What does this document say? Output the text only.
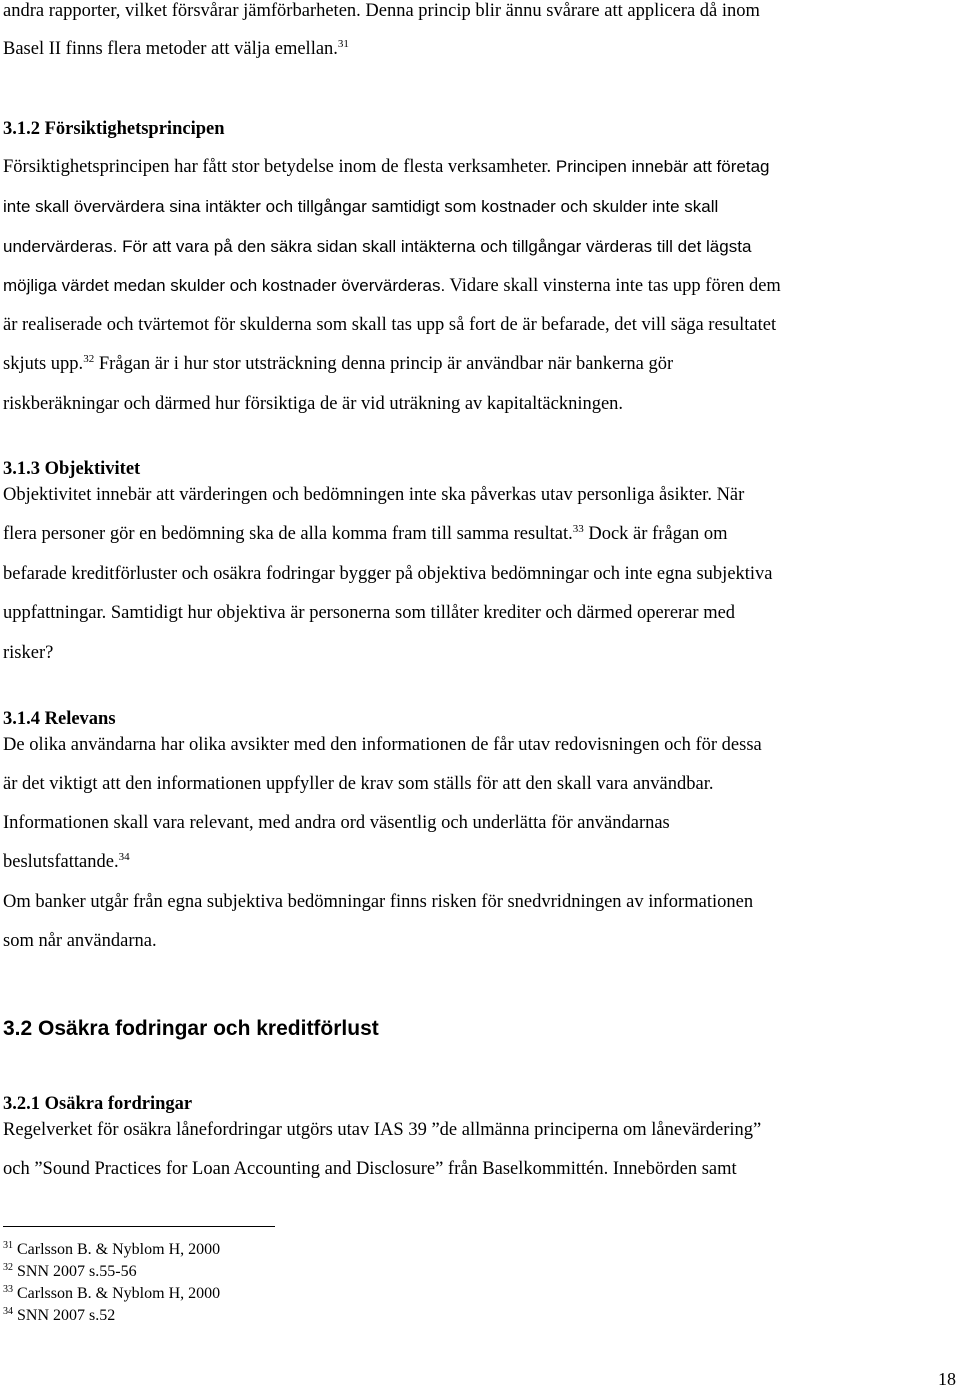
andra rapporter, vilket försvårar jämförbarheten. Denna princip blir ännu svårare att applicera då inom
Basel II finns flera metoder att välja emellan.$^{31}$
3.1.2 Försiktighetsprincipen
Försiktighetsprincipen har fått stor betydelse inom de flesta verksamheter. Principen innebär att företag
inte skall övervärdera sina intäkter och tillgångar samtidigt som kostnader och skulder inte skall
undervärderas. För att vara på den säkra sidan skall intäkterna och tillgångar värderas till det lägsta
möjliga värdet medan skulder och kostnader övervärderas. Vidare skall vinsterna inte tas upp fören dem
är realiserade och tvärtemot för skulderna som skall tas upp så fort de är befarade, det vill säga resultatet
skjuts upp.$^{32}$ Frågan är i hur stor utsträckning denna princip är användbar när bankerna gör
riskberäkningar och därmed hur försiktiga de är vid uträkning av kapitaltäckningen.
3.1.3 Objektivitet
Objektivitet innebär att värderingen och bedömningen inte ska påverkas utav personliga åsikter. När
flera personer gör en bedömning ska de alla komma fram till samma resultat.$^{33}$ Dock är frågan om
befarade kreditförluster och osäkra fodringar bygger på objektiva bedömningar och inte egna subjektiva
uppfattningar. Samtidigt hur objektiva är personerna som tillåter krediter och därmed opererar med
risker?
3.1.4 Relevans
De olika användarna har olika avsikter med den informationen de får utav redovisningen och för dessa
är det viktigt att den informationen uppfyller de krav som ställs för att den skall vara användbar.
Informationen skall vara relevant, med andra ord väsentlig och underlätta för användarnas
beslutsfattande.$^{34}$
Om banker utgår från egna subjektiva bedömningar finns risken för snedvridningen av informationen
som når användarna.
3.2 Osäkra fodringar och kreditförlust
3.2.1 Osäkra fordringar
Regelverket för osäkra lånefordringar utgörs utav IAS 39 ”de allmänna principerna om lånevärdering”
och ”Sound Practices for Loan Accounting and Disclosure” från Baselkommittén. Innebörden samt
$^{31}$ Carlsson B. & Nyblom H, 2000
$^{32}$ SNN 2007 s.55-56
$^{33}$ Carlsson B. & Nyblom H, 2000
$^{34}$ SNN 2007 s.52
18
